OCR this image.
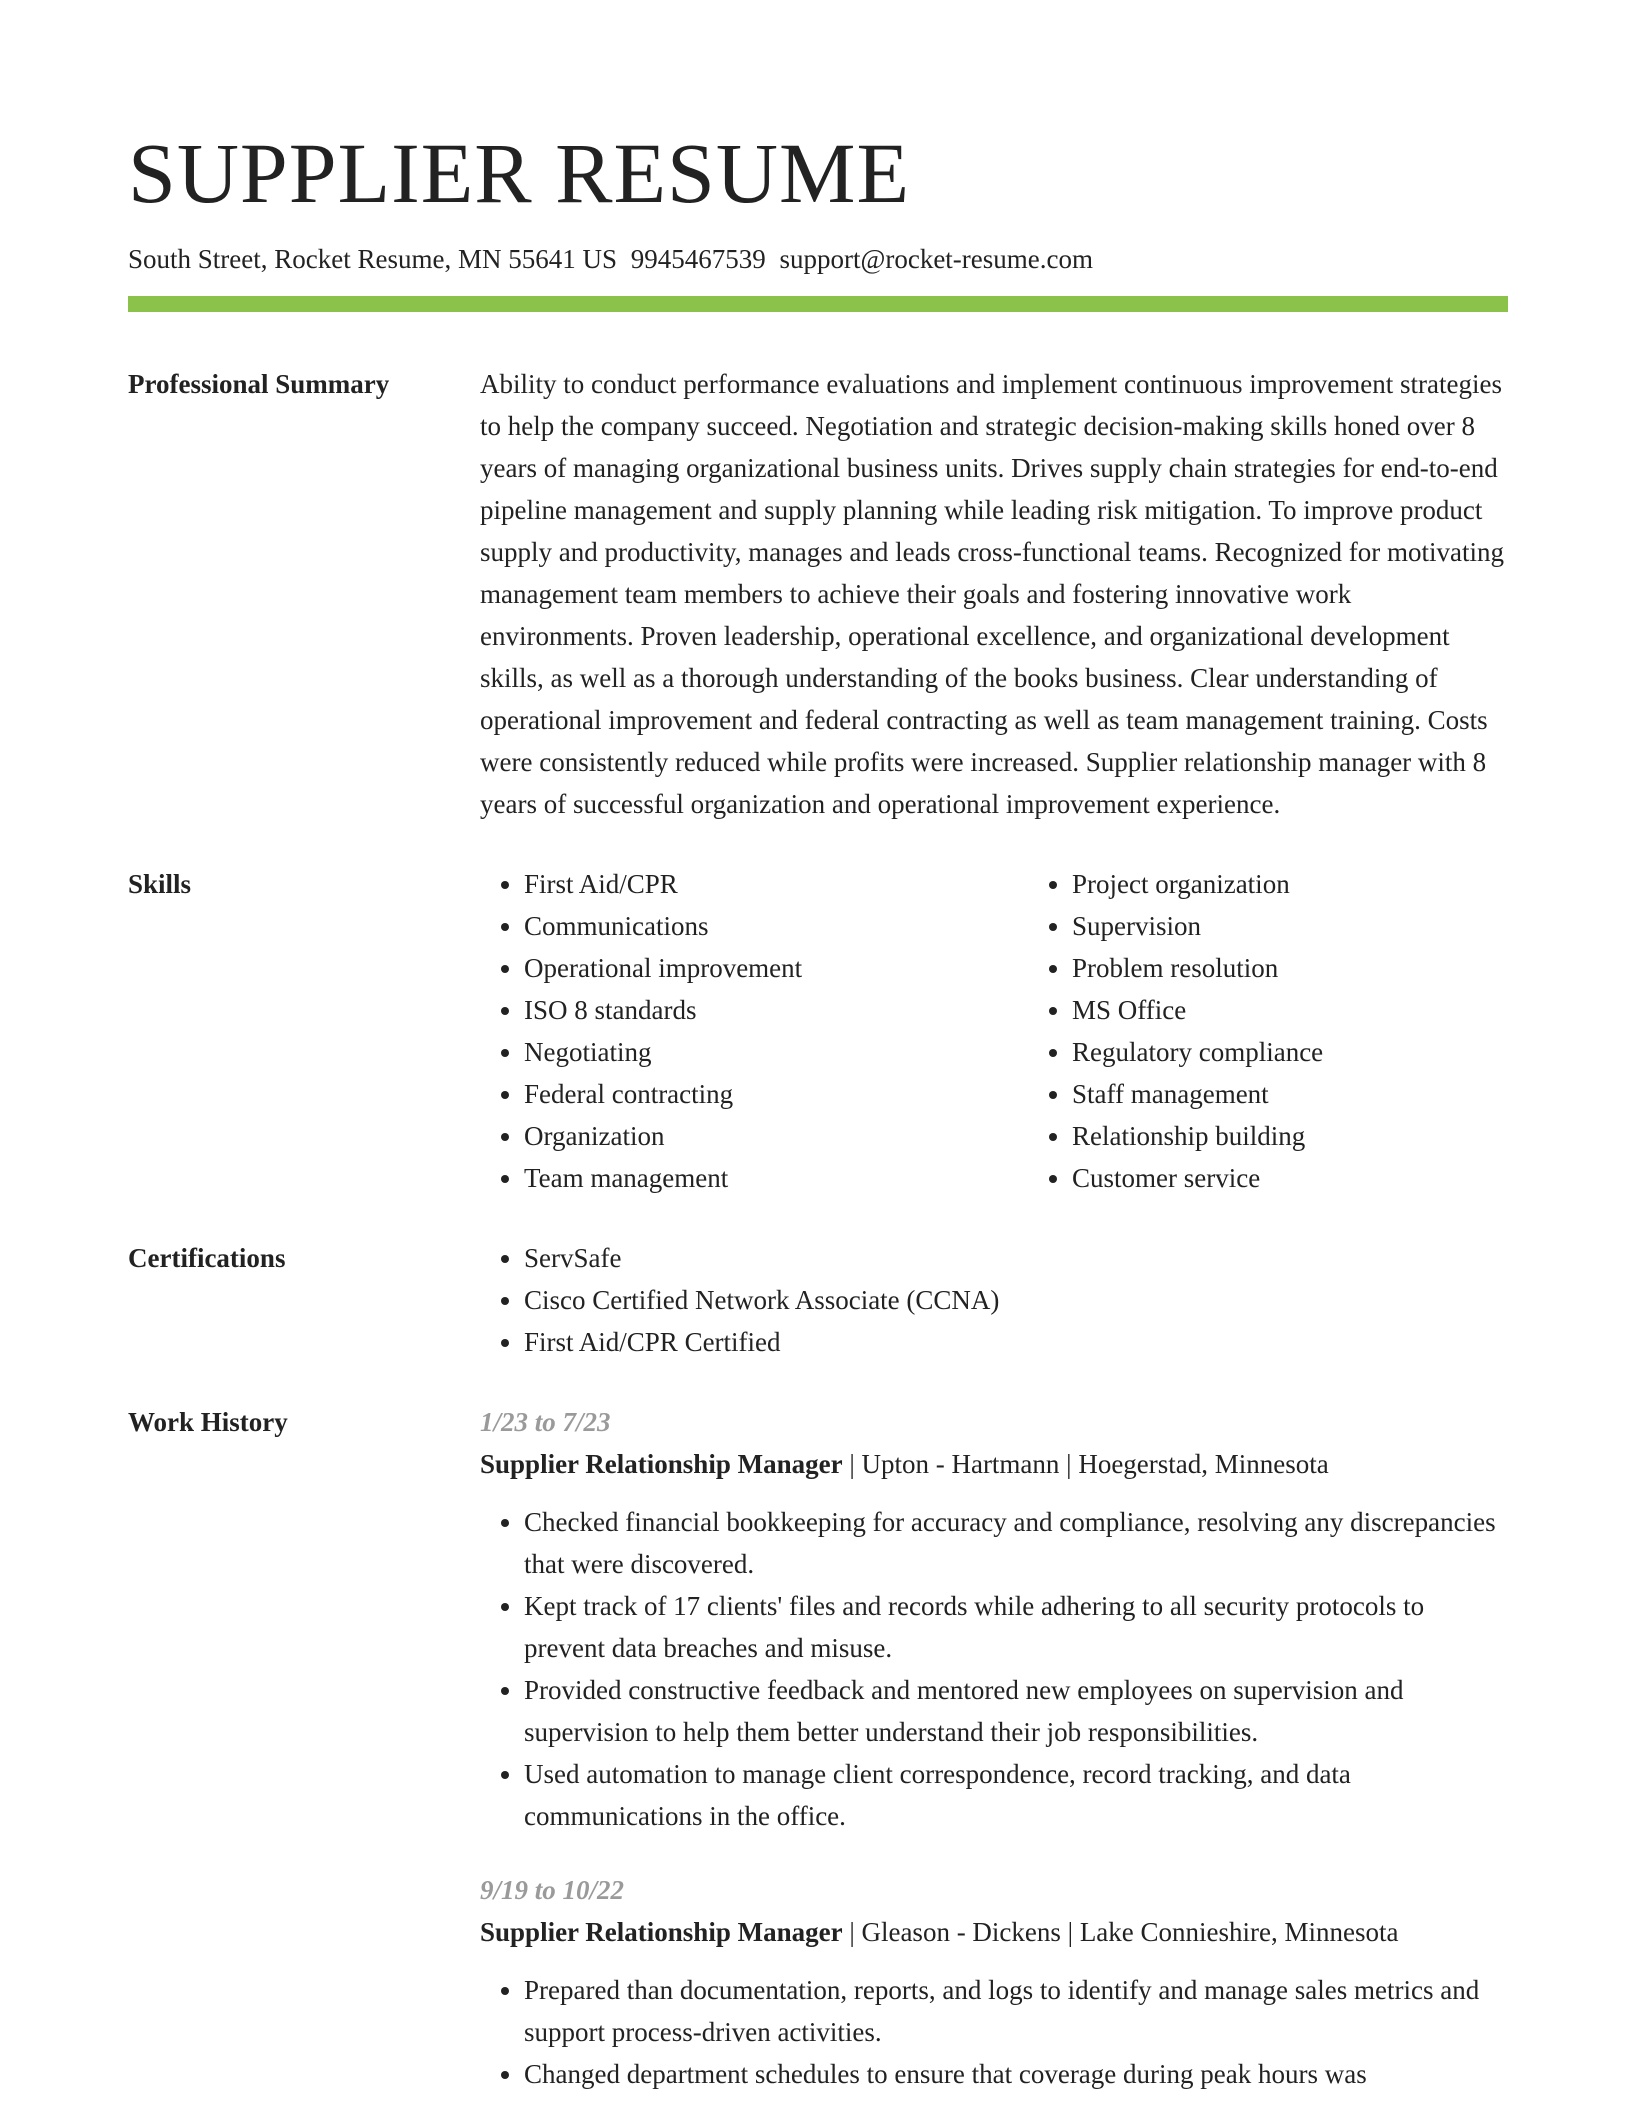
SUPPLIER RESUME
South Street, Rocket Resume, MN 55641 US 9945467539 support@rocket-resume.com
Professional Summary	Ability to conduct performance evaluations and implement continuous improvement strategies to help the company succeed. Negotiation and strategic decision-making skills honed over 8 years of managing organizational business units. Drives supply chain strategies for end-to-end pipeline management and supply planning while leading risk mitigation. To improve product supply and productivity, manages and leads cross-functional teams. Recognized for motivating management team members to achieve their goals and fostering innovative work environments. Proven leadership, operational excellence, and organizational development skills, as well as a thorough understanding of the books business. Clear understanding of operational improvement and federal contracting as well as team management training. Costs were consistently reduced while profits were increased. Supplier relationship manager with 8 years of successful organization and operational improvement experience.

Skills	• First Aid/CPR
• Communications
• Operational improvement
• ISO 8 standards
• Negotiating
• Federal contracting
• Organization
• Team management
• Project organization
• Supervision
• Problem resolution
• MS Office
• Regulatory compliance
• Staff management
• Relationship building
• Customer service
Certifications	• ServSafe
• Cisco Certified Network Associate (CCNA)
• First Aid/CPR Certified
Work History	1/23 to 7/23
Supplier Relationship Manager | Upton - Hartmann | Hoegerstad, Minnesota
• Checked financial bookkeeping for accuracy and compliance, resolving any discrepancies that were discovered.
• Kept track of 17 clients' files and records while adhering to all security protocols to prevent data breaches and misuse.
• Provided constructive feedback and mentored new employees on supervision and supervision to help them better understand their job responsibilities.
• Used automation to manage client correspondence, record tracking, and data communications in the office.
9/19 to 10/22
Supplier Relationship Manager | Gleason - Dickens | Lake Connieshire, Minnesota
• Prepared than documentation, reports, and logs to identify and manage sales metrics and support process-driven activities.
• Changed department schedules to ensure that coverage during peak hours was
